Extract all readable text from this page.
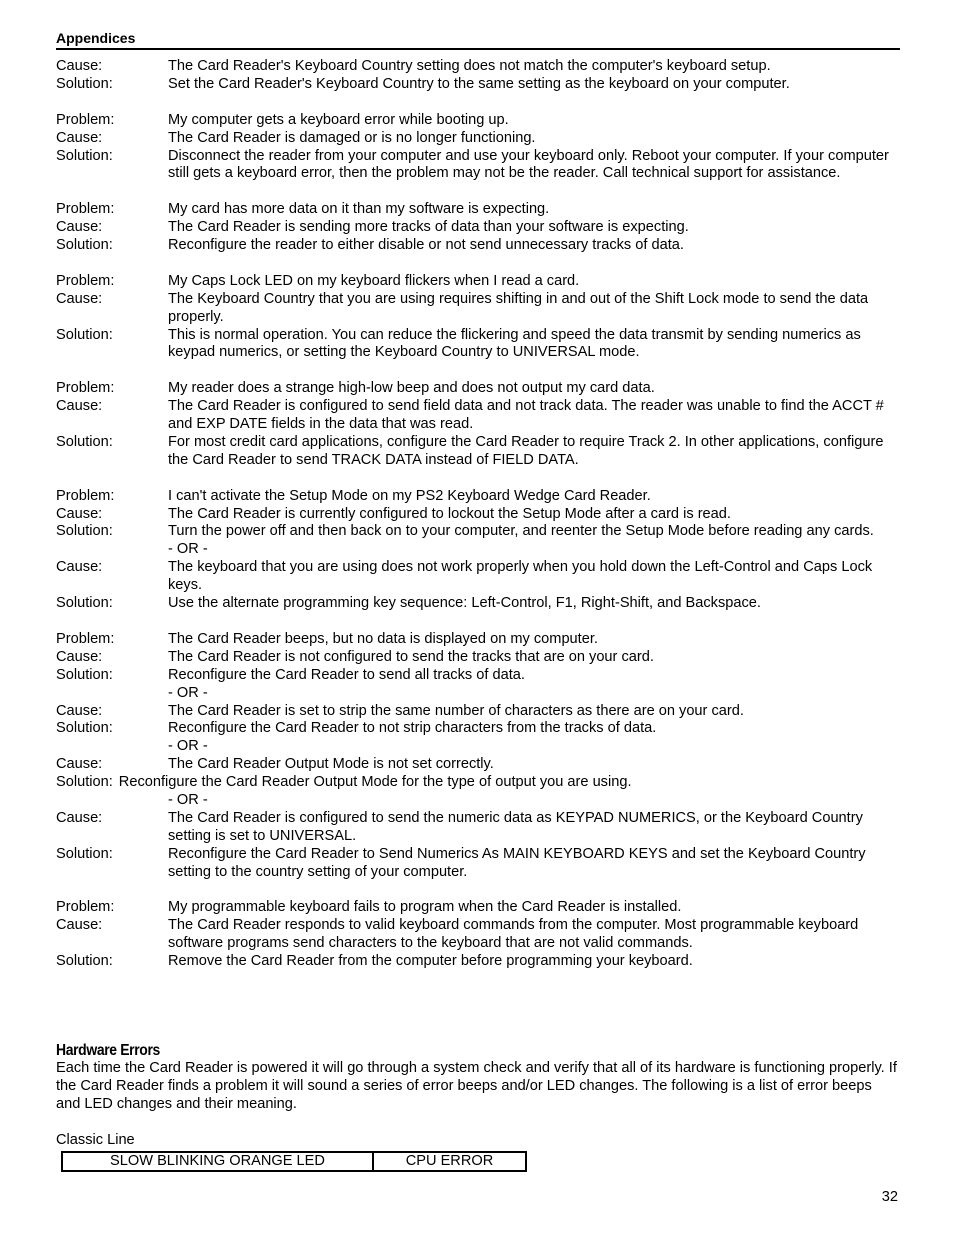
Appendices
Cause:	The Card Reader's Keyboard Country setting does not match the computer's keyboard setup.
Solution:	Set the Card Reader's Keyboard Country to the same setting as the keyboard on your computer.
Problem:	My computer gets a keyboard error while booting up.
Cause:	The Card Reader is damaged or is no longer functioning.
Solution:	Disconnect the reader from your computer and use your keyboard only. Reboot your computer. If your computer still gets a keyboard error, then the problem may not be the reader. Call technical support for assistance.
Problem:	My card has more data on it than my software is expecting.
Cause:	The Card Reader is sending more tracks of data than your software is expecting.
Solution:	Reconfigure the reader to either disable or not send unnecessary tracks of data.
Problem:	My Caps Lock LED on my keyboard flickers when I read a card.
Cause:	The Keyboard Country that you are using requires shifting in and out of the Shift Lock mode to send the data properly.
Solution:	This is normal operation. You can reduce the flickering and speed the data transmit by sending numerics as keypad numerics, or setting the Keyboard Country to UNIVERSAL mode.
Problem:	My reader does a strange high-low beep and does not output my card data.
Cause:	The Card Reader is configured to send field data and not track data. The reader was unable to find the ACCT # and EXP DATE fields in the data that was read.
Solution:	For most credit card applications, configure the Card Reader to require Track 2. In other applications, configure the Card Reader to send TRACK DATA instead of FIELD DATA.
Problem:	I can't activate the Setup Mode on my PS2 Keyboard Wedge Card Reader.
Cause:	The Card Reader is currently configured to lockout the Setup Mode after a card is read.
Solution:	Turn the power off and then back on to your computer, and reenter the Setup Mode before reading any cards.
- OR -
Cause:	The keyboard that you are using does not work properly when you hold down the Left-Control and Caps Lock keys.
Solution:	Use the alternate programming key sequence: Left-Control, F1, Right-Shift, and Backspace.
Problem:	The Card Reader beeps, but no data is displayed on my computer.
Cause:	The Card Reader is not configured to send the tracks that are on your card.
Solution:	Reconfigure the Card Reader to send all tracks of data.
- OR -
Cause:	The Card Reader is set to strip the same number of characters as there are on your card.
Solution:	Reconfigure the Card Reader to not strip characters from the tracks of data.
- OR -
Cause:	The Card Reader Output Mode is not set correctly.
Solution: Reconfigure the Card Reader Output Mode for the type of output you are using.
- OR -
Cause:	The Card Reader is configured to send the numeric data as KEYPAD NUMERICS, or the Keyboard Country setting is set to UNIVERSAL.
Solution:	Reconfigure the Card Reader to Send Numerics As MAIN KEYBOARD KEYS and set the Keyboard Country setting to the country setting of your computer.
Problem:	My programmable keyboard fails to program when the Card Reader is installed.
Cause:	The Card Reader responds to valid keyboard commands from the computer. Most programmable keyboard software programs send characters to the keyboard that are not valid commands.
Solution:	Remove the Card Reader from the computer before programming your keyboard.
Hardware Errors
Each time the Card Reader is powered it will go through a system check and verify that all of its hardware is functioning properly. If the Card Reader finds a problem it will sound a series of error beeps and/or LED changes. The following is a list of error beeps and LED changes and their meaning.
Classic Line
SLOW BLINKING ORANGE LED	CPU ERROR
32
